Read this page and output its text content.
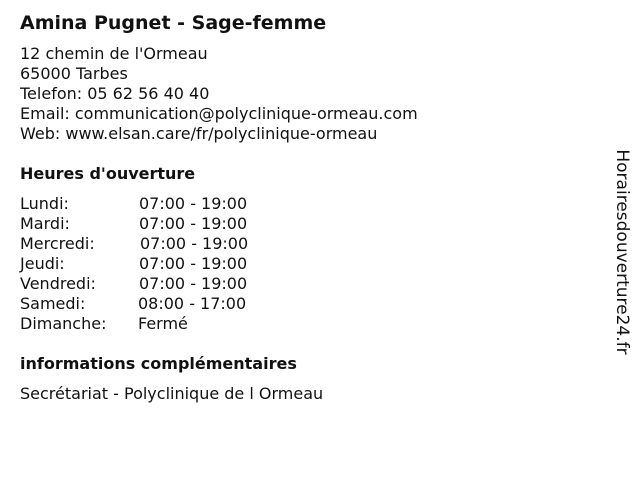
Amina Pugnet - Sage-femme
12 chemin de l'Ormeau
65000 Tarbes
Telefon: 05 62 56 40 40
Email: communication@polyclinique-ormeau.com
Web: www.elsan.care/fr/polyclinique-ormeau
Heures d'ouverture
Lundi:	07:00 - 19:00
Mardi:	07:00 - 19:00
Mercredi:	07:00 - 19:00
Jeudi:	07:00 - 19:00
Vendredi:	07:00 - 19:00
Samedi:	08:00 - 17:00
Dimanche: Fermé
informations complémentaires
Secrétariat - Polyclinique de l Ormeau
Horairesdouverture24.fr
